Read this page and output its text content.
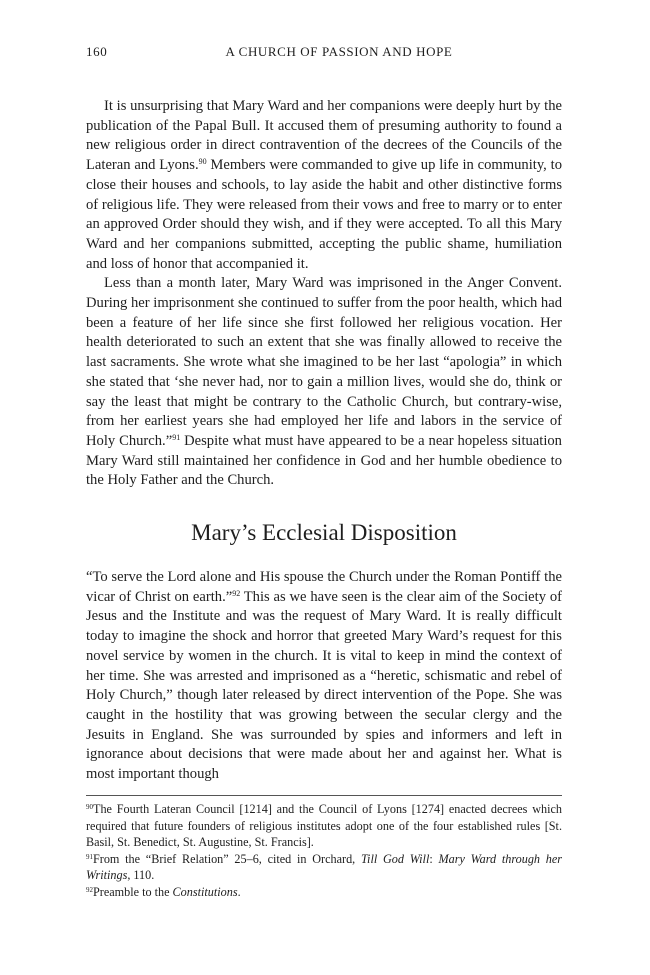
160	A CHURCH OF PASSION AND HOPE

It is unsurprising that Mary Ward and her companions were deeply hurt by the publication of the Papal Bull. It accused them of presuming authority to found a new religious order in direct contravention of the decrees of the Councils of the Lateran and Lyons.$^{90}$ Members were commanded to give up life in community, to close their houses and schools, to lay aside the habit and other distinctive forms of religious life. They were released from their vows and free to marry or to enter an approved Order should they wish, and if they were accepted. To all this Mary Ward and her companions submitted, accepting the public shame, humiliation and loss of honor that accompanied it.

Less than a month later, Mary Ward was imprisoned in the Anger Convent. During her imprisonment she continued to suffer from the poor health, which had been a feature of her life since she first followed her religious vocation. Her health deteriorated to such an extent that she was finally allowed to receive the last sacraments. She wrote what she imagined to be her last “apologia” in which she stated that ‘she never had, nor to gain a million lives, would she do, think or say the least that might be contrary to the Catholic Church, but contrary-wise, from her earliest years she had employed her life and labors in the service of Holy Church.”$^{91}$ Despite what must have appeared to be a near hopeless situation Mary Ward still maintained her confidence in God and her humble obedience to the Holy Father and the Church.

Mary’s Ecclesial Disposition

“To serve the Lord alone and His spouse the Church under the Roman Pontiff the vicar of Christ on earth.”$^{92}$ This as we have seen is the clear aim of the Society of Jesus and the Institute and was the request of Mary Ward. It is really difficult today to imagine the shock and horror that greeted Mary Ward’s request for this novel service by women in the church. It is vital to keep in mind the context of her time. She was arrested and imprisoned as a “heretic, schismatic and rebel of Holy Church,” though later released by direct intervention of the Pope. She was caught in the hostility that was growing between the secular clergy and the Jesuits in England. She was surrounded by spies and informers and left in ignorance about decisions that were made about her and against her. What is most important though

$^{90}$The Fourth Lateran Council [1214] and the Council of Lyons [1274] enacted decrees which required that future founders of religious institutes adopt one of the four established rules [St. Basil, St. Benedict, St. Augustine, St. Francis].

$^{91}$From the “Brief Relation” 25–6, cited in Orchard, Till God Will: Mary Ward through her Writings, 110.

$^{92}$Preamble to the Constitutions.
